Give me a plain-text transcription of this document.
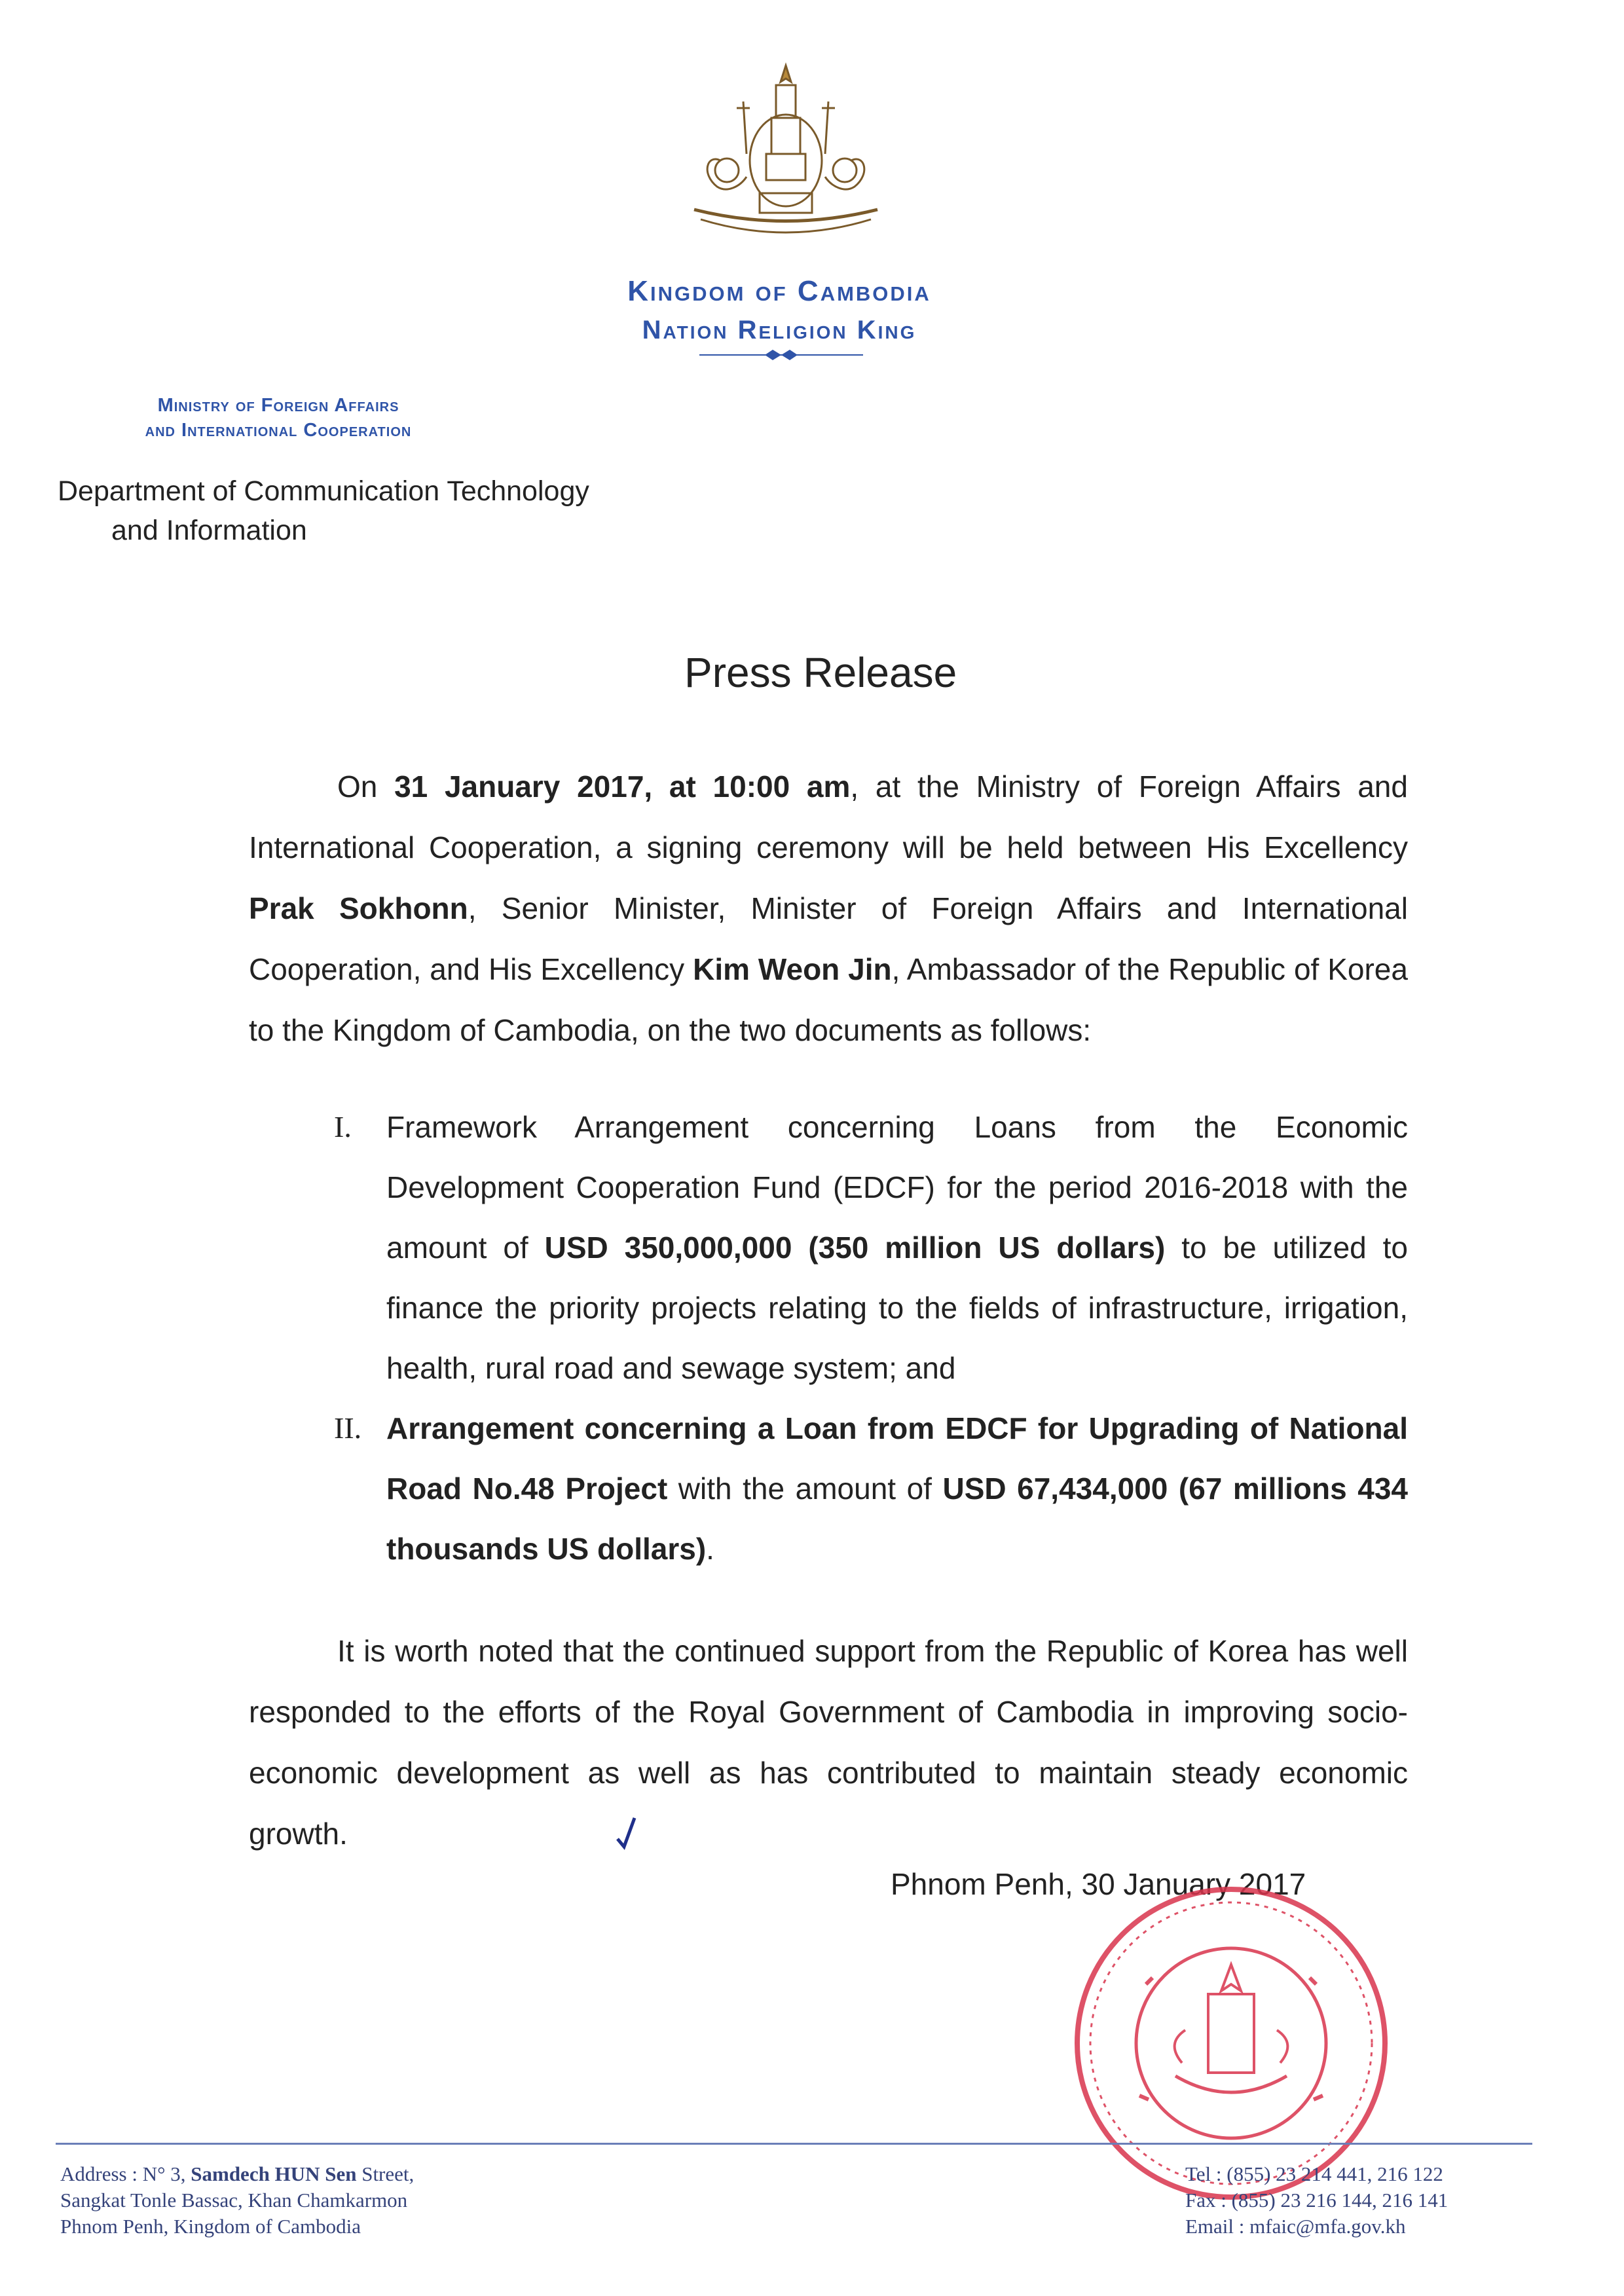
Kingdom of Cambodia
Nation Religion King
Ministry of Foreign Affairs
and International Cooperation
Department of Communication Technology
and Information
Press Release
On 31 January 2017, at 10:00 am, at the Ministry of Foreign Affairs and International Cooperation, a signing ceremony will be held between His Excellency Prak Sokhonn, Senior Minister, Minister of Foreign Affairs and International Cooperation, and His Excellency Kim Weon Jin, Ambassador of the Republic of Korea to the Kingdom of Cambodia, on the two documents as follows:
I. Framework Arrangement concerning Loans from the Economic Development Cooperation Fund (EDCF) for the period 2016-2018 with the amount of USD 350,000,000 (350 million US dollars) to be utilized to finance the priority projects relating to the fields of infrastructure, irrigation, health, rural road and sewage system; and
II. Arrangement concerning a Loan from EDCF for Upgrading of National Road No.48 Project with the amount of USD 67,434,000 (67 millions 434 thousands US dollars).
It is worth noted that the continued support from the Republic of Korea has well responded to the efforts of the Royal Government of Cambodia in improving socio-economic development as well as has contributed to maintain steady economic growth.
Phnom Penh, 30 January 2017
Address : N° 3, Samdech HUN Sen Street,
Sangkat Tonle Bassac, Khan Chamkarmon
Phnom Penh, Kingdom of Cambodia
Tel : (855) 23 214 441, 216 122
Fax : (855) 23 216 144, 216 141
Email : mfaic@mfa.gov.kh
